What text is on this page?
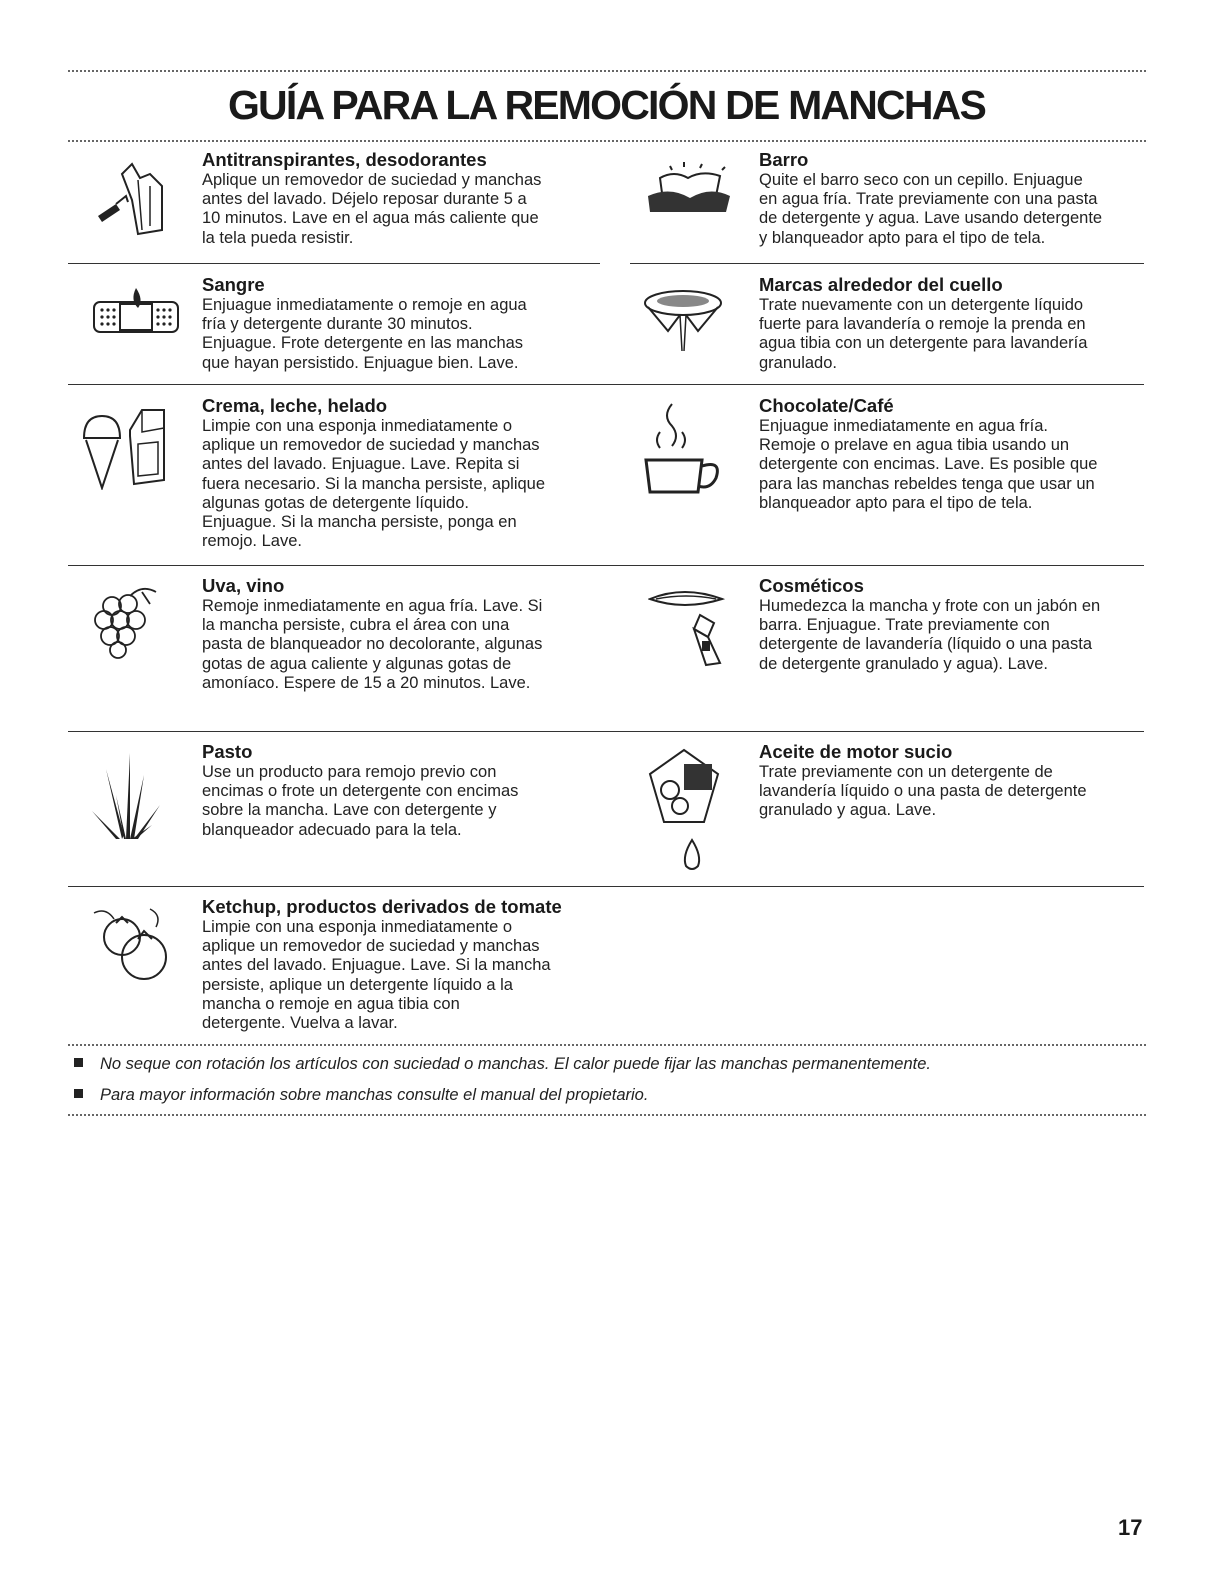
GUÍA PARA LA REMOCIÓN DE MANCHAS

Antitranspirantes, desodorantes

Aplique un removedor de suciedad y manchas
antes del lavado. Déjelo reposar durante 5 a
10 minutos. Lave en el agua más caliente que
la tela pueda resistir.

Barro

Quite el barro seco con un cepillo. Enjuague
en agua fría. Trate previamente con una pasta
de detergente y agua. Lave usando detergente
y blanqueador apto para el tipo de tela.

Sangre

Enjuague inmediatamente o remoje en agua
fría y detergente durante 30 minutos.
Enjuague. Frote detergente en las manchas
que hayan persistido. Enjuague bien. Lave.

Marcas alrededor del cuello

Trate nuevamente con un detergente líquido
fuerte para lavandería o remoje la prenda en
agua tibia con un detergente para lavandería
granulado.

Crema, leche, helado

Limpie con una esponja inmediatamente o
aplique un removedor de suciedad y manchas
antes del lavado. Enjuague. Lave. Repita si
fuera necesario. Si la mancha persiste, aplique
algunas gotas de detergente líquido.
Enjuague. Si la mancha persiste, ponga en
remojo. Lave.

Chocolate/Café

Enjuague inmediatamente en agua fría.
Remoje o prelave en agua tibia usando un
detergente con encimas. Lave. Es posible que
para las manchas rebeldes tenga que usar un
blanqueador apto para el tipo de tela.

Uva, vino

Remoje inmediatamente en agua fría. Lave. Si
la mancha persiste, cubra el área con una
pasta de blanqueador no decolorante, algunas
gotas de agua caliente y algunas gotas de
amoníaco. Espere de 15 a 20 minutos. Lave.

Cosméticos

Humedezca la mancha y frote con un jabón en
barra. Enjuague. Trate previamente con
detergente de lavandería (líquido o una pasta
de detergente granulado y agua). Lave.

Pasto

Use un producto para remojo previo con
encimas o frote un detergente con encimas
sobre la mancha. Lave con detergente y
blanqueador adecuado para la tela.

Aceite de motor sucio

Trate previamente con un detergente de
lavandería líquido o una pasta de detergente
granulado y agua. Lave.

Ketchup, productos derivados de tomate

Limpie con una esponja inmediatamente o
aplique un removedor de suciedad y manchas
antes del lavado. Enjuague. Lave. Si la mancha
persiste, aplique un detergente líquido a la
mancha o remoje en agua tibia con
detergente. Vuelva a lavar.

No seque con rotación los artículos con suciedad o manchas. El calor puede fijar las manchas permanentemente.
Para mayor información sobre manchas consulte el manual del propietario.
17
